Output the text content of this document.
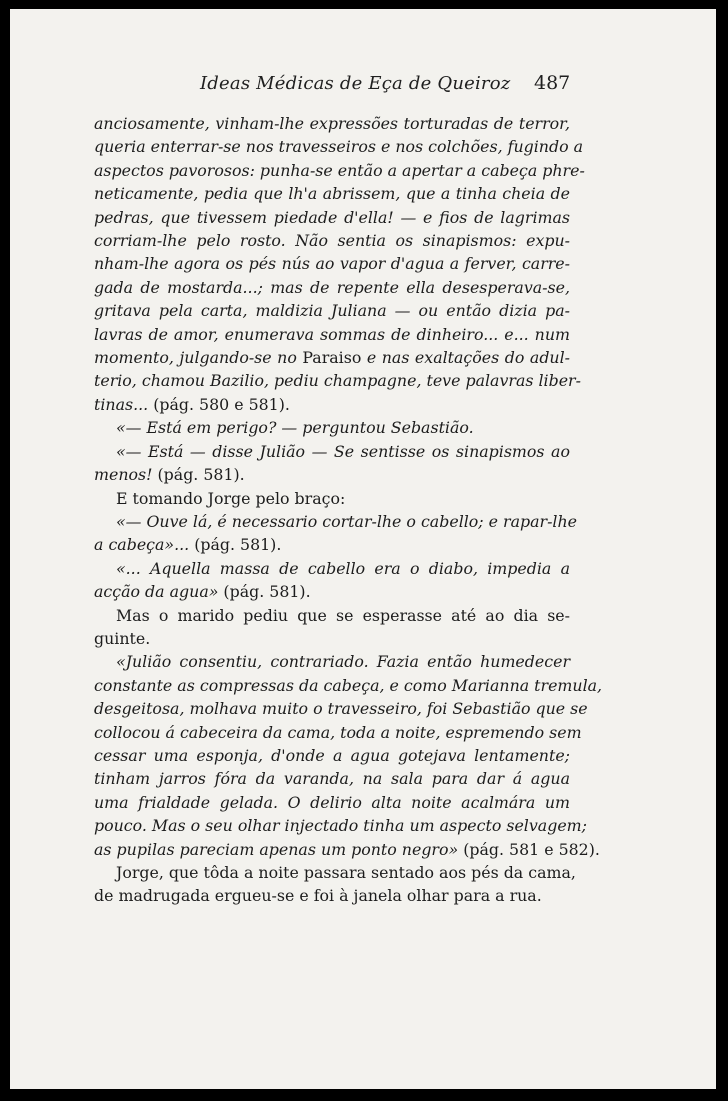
Ideas Médicas de Eça de Queiroz 487

anciosamente, vinham-lhe expressões torturadas de terror,

queria enterrar-se nos travesseiros e nos colchões, fugindo a

aspectos pavorosos: punha-se então a apertar a cabeça phre-

neticamente, pedia que lh'a abrissem, que a tinha cheia de

pedras, que tivessem piedade d'ella! — e fios de lagrimas

corriam-lhe pelo rosto. Não sentia os sinapismos: expu-

nham-lhe agora os pés nús ao vapor d'agua a ferver, carre-

gada de mostarda...; mas de repente ella desesperava-se,

gritava pela carta, maldizia Juliana — ou então dizia pa-

lavras de amor, enumerava sommas de dinheiro... e... num

momento, julgando-se no Paraiso e nas exaltações do adul-

terio, chamou Bazilio, pediu champagne, teve palavras liber-

tinas... (pág. 580 e 581).

«— Está em perigo? — perguntou Sebastião.

«— Está — disse Julião — Se sentisse os sinapismos ao

menos! (pág. 581).

E tomando Jorge pelo braço:

«— Ouve lá, é necessario cortar-lhe o cabello; e rapar-lhe

a cabeça»... (pág. 581).

«... Aquella massa de cabello era o diabo, impedia a

acção da agua» (pág. 581).

Mas o marido pediu que se esperasse até ao dia se-

guinte.

«Julião consentiu, contrariado. Fazia então humedecer

constante as compressas da cabeça, e como Marianna tremula,

desgeitosa, molhava muito o travesseiro, foi Sebastião que se

collocou á cabeceira da cama, toda a noite, espremendo sem

cessar uma esponja, d'onde a agua gotejava lentamente;

tinham jarros fóra da varanda, na sala para dar á agua

uma frialdade gelada. O delirio alta noite acalmára um

pouco. Mas o seu olhar injectado tinha um aspecto selvagem;

as pupilas pareciam apenas um ponto negro» (pág. 581 e 582).

Jorge, que tôda a noite passara sentado aos pés da cama,

de madrugada ergueu-se e foi à janela olhar para a rua.
